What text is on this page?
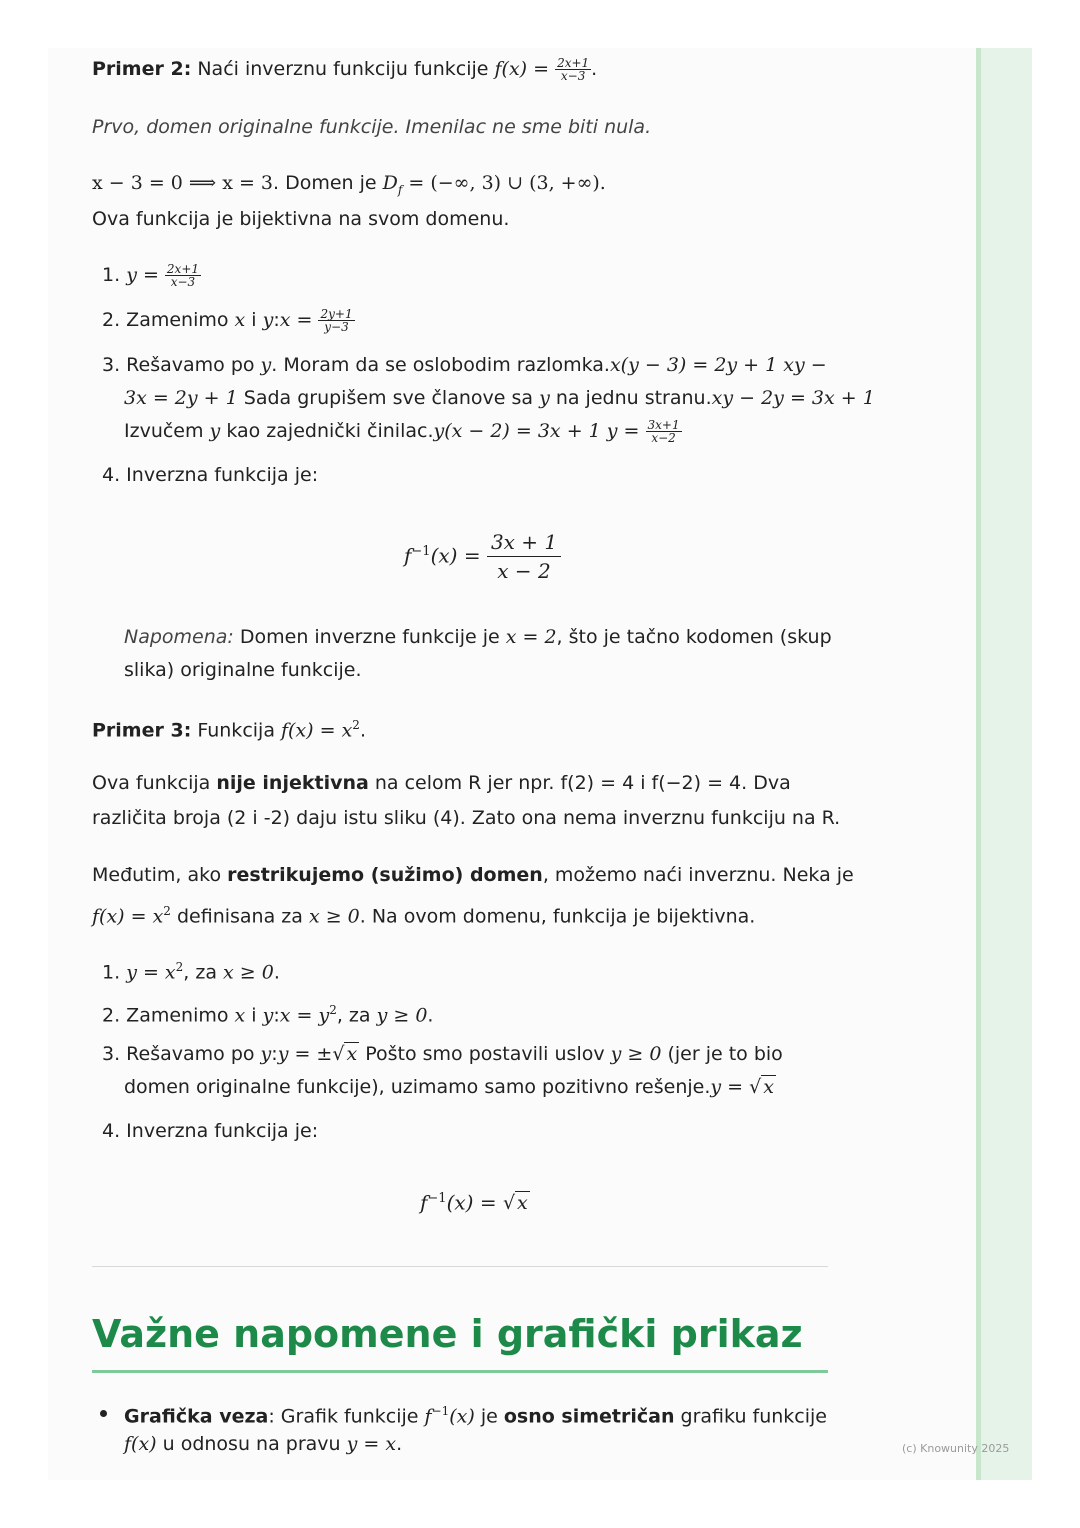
Primer 2: Naći inverznu funkciju funkcije $f(x) = \frac{2x+1}{x-3}$ .
Prvo, domen originalne funkcije. Imenilac ne sme biti nula.
x − 3 = 0 ⟹ x = 3. Domen je $D_f$ = (−∞, 3) ∪ (3, +∞).
Ova funkcija je bijektivna na svom domenu.
1. $y = \frac{2x+1}{x-3}$
2. Zamenimo x i y:x = $\frac{2y+1}{y-3}$
3. Rešavamo po y. Moram da se oslobodim razlomka.x(y − 3) = 2y + 1 xy −
3x = 2y + 1 Sada grupišem sve članove sa y na jednu stranu.xy − 2y = 3x + 1
Izvučem y kao zajednički činilac.y(x − 2) = 3x + 1 $y = \frac{3x+1}{x-2}$
4. Inverzna funkcija je:
$f^{-1}(x) = \frac{3x + 1}{x - 2}$
Napomena: Domen inverzne funkcije je x = 2, što je tačno kodomen (skup
slika) originalne funkcije.
Primer 3: Funkcija $f(x) = x^2$.
Ova funkcija nije injektivna na celom R jer npr. f(2) = 4 i f(−2) = 4. Dva
različita broja (2 i -2) daju istu sliku (4). Zato ona nema inverznu funkciju na R.
Međutim, ako restrikujemo (sužimo) domen, možemo naći inverznu. Neka je
$f(x) = x^2$ definisana za x ≥ 0. Na ovom domenu, funkcija je bijektivna.
1. $y = x^2$, za x ≥ 0.
2. Zamenimo x i y:x = $y^2$, za y ≥ 0.
3. Rešavamo po y:y = ±√ x Pošto smo postavili uslov y ≥ 0 (jer je to bio
domen originalne funkcije), uzimamo samo pozitivno rešenje.y = √ x
4. Inverzna funkcija je:
$f^{-1}(x)$ = √ x
Važne napomene i grafički prikaz
Grafička veza: Grafik funkcije $f^{-1}(x)$ je osno simetričan grafiku funkcije
f(x) u odnosu na pravu y = x.	(c) Knowunity 2025
